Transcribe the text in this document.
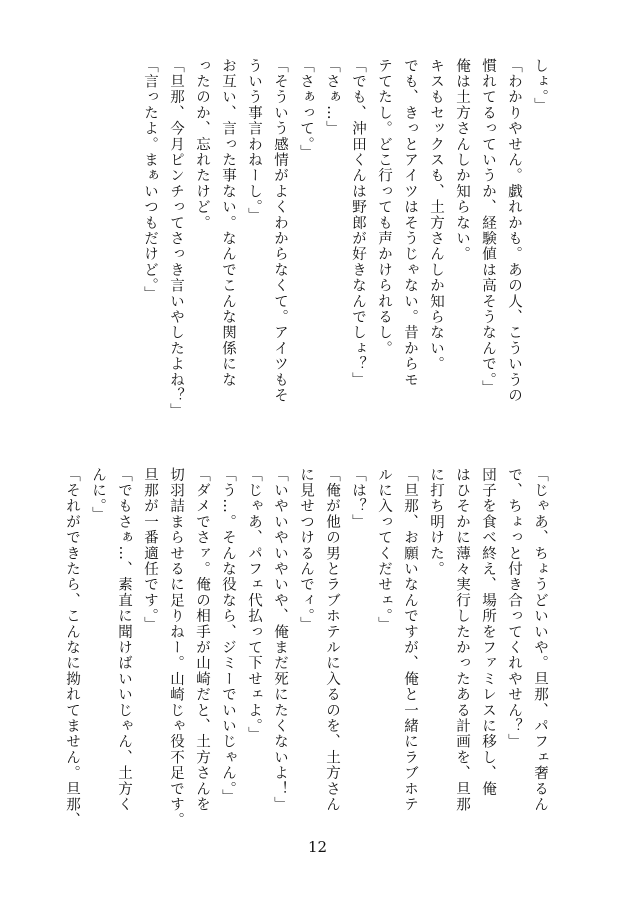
しょ。」

「わかりやせん。戯れかも。あの人、こういうの

慣れてるっていうか、経験値は高そうなんで。」

俺は土方さんしか知らない。

キスもセックスも、土方さんしか知らない。

でも、きっとアイツはそうじゃない。昔からモ

テてたし。どこ行っても声かけられるし。

「でも、沖田くんは野郎が好きなんでしょ？」

「さぁ…」

「さぁって。」

「そういう感情がよくわからなくて。アイツもそ

ういう事言わねーし。」

お互い、言った事ない。なんでこんな関係にな

ったのか、忘れたけど。

「旦那、今月ピンチってさっき言いやしたよね？」

「言ったよ。まぁいつもだけど。」

「じゃあ、ちょうどいいや。旦那、パフェ奢るん

で、ちょっと付き合ってくれやせん？」

団子を食べ終え、場所をファミレスに移し、俺

はひそかに薄々実行したかったある計画を、旦那

に打ち明けた。

「旦那、お願いなんですが、俺と一緒にラブホテ

ルに入ってくだせェ。」

「は？」

「俺が他の男とラブホテルに入るのを、土方さん

に見せつけるんでィ。」

「いやいやいやいや、俺まだ死にたくないよ！」

「じゃあ、パフェ代払って下せェよ。」

「う…。そんな役なら、ジミーでいいじゃん。」

「ダメでさァ。俺の相手が山崎だと、土方さんを

切羽詰まらせるに足りねー。山崎じゃ役不足です。

旦那が一番適任です。」

「でもさぁ…、素直に聞けばいいじゃん、土方く

んに。」

「それができたら、こんなに拗れてません。旦那、

12
